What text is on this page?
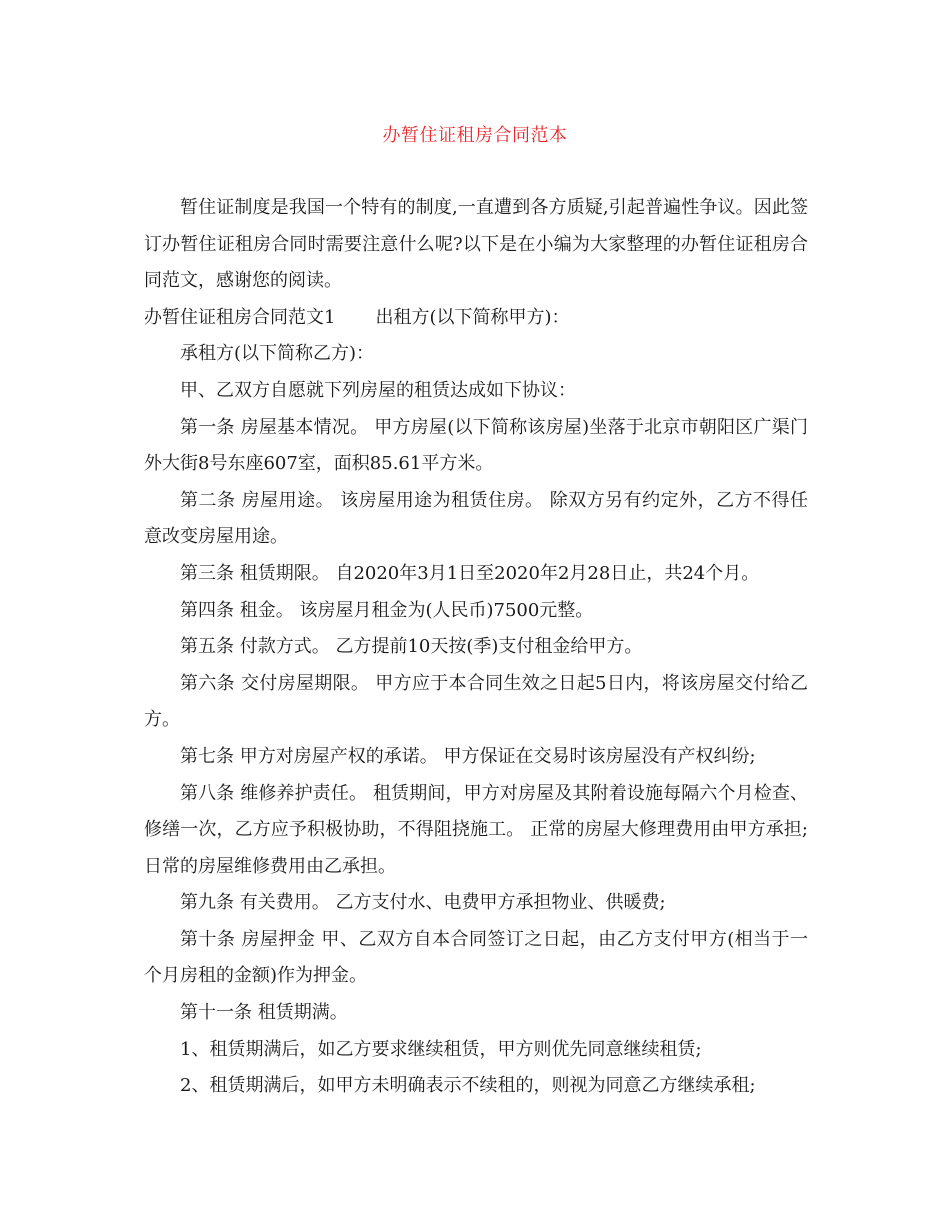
办暂住证租房合同范本

暂住证制度是我国一个特有的制度,一直遭到各方质疑,引起普遍性争议。因此签订办暂住证租房合同时需要注意什么呢?以下是在小编为大家整理的办暂住证租房合同范文，感谢您的阅读。

办暂住证租房合同范文1 出租方(以下简称甲方)：

承租方(以下简称乙方)：

甲、乙双方自愿就下列房屋的租赁达成如下协议：

第一条 房屋基本情况。 甲方房屋(以下简称该房屋)坐落于北京市朝阳区广渠门外大街8号东座607室，面积85.61平方米。

第二条 房屋用途。 该房屋用途为租赁住房。 除双方另有约定外，乙方不得任意改变房屋用途。

第三条 租赁期限。 自2020年3月1日至2020年2月28日止，共24个月。

第四条 租金。 该房屋月租金为(人民币)7500元整。

第五条 付款方式。 乙方提前10天按(季)支付租金给甲方。

第六条 交付房屋期限。 甲方应于本合同生效之日起5日内，将该房屋交付给乙方。

第七条 甲方对房屋产权的承诺。 甲方保证在交易时该房屋没有产权纠纷;

第八条 维修养护责任。 租赁期间，甲方对房屋及其附着设施每隔六个月检查、修缮一次，乙方应予积极协助，不得阻挠施工。 正常的房屋大修理费用由甲方承担;日常的房屋维修费用由乙承担。

第九条 有关费用。 乙方支付水、电费甲方承担物业、供暖费;

第十条 房屋押金 甲、乙双方自本合同签订之日起，由乙方支付甲方(相当于一个月房租的金额)作为押金。

第十一条 租赁期满。

1、租赁期满后，如乙方要求继续租赁，甲方则优先同意继续租赁;

2、租赁期满后，如甲方未明确表示不续租的，则视为同意乙方继续承租;
